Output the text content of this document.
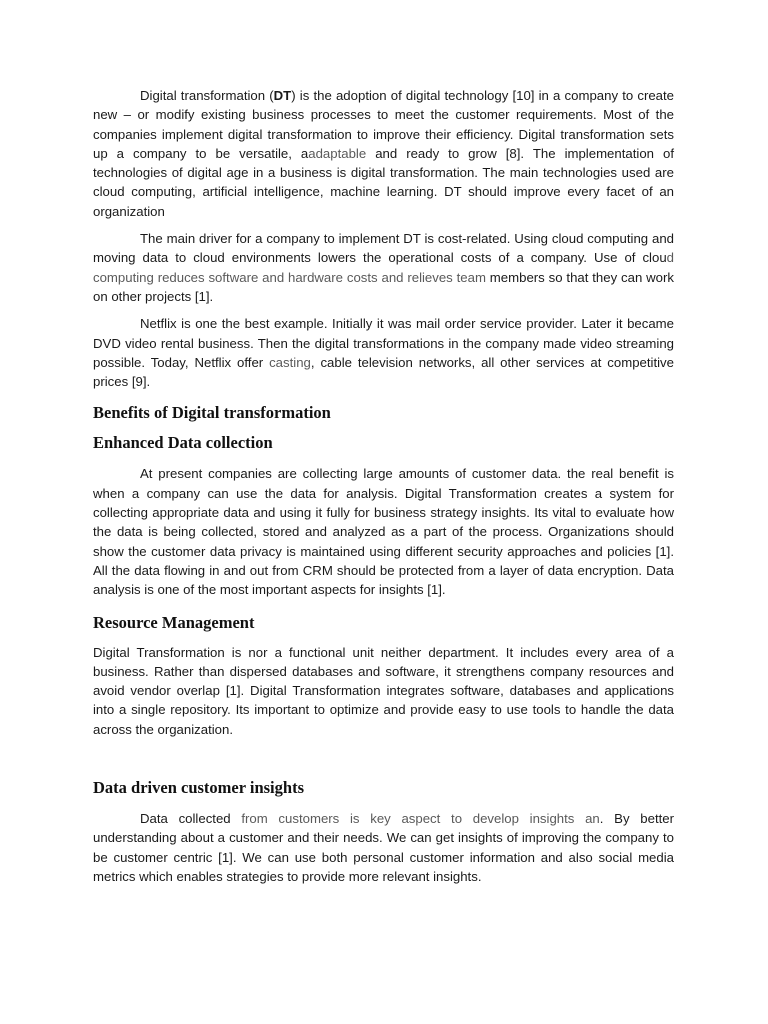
Digital transformation (DT) is the adoption of digital technology [10] in a company to create new – or modify existing business processes to meet the customer requirements. Most of the companies implement digital transformation to improve their efficiency. Digital transformation sets up a company to be versatile, aadaptable and ready to grow [8]. The implementation of technologies of digital age in a business is digital transformation. The main technologies used are cloud computing, artificial intelligence, machine learning. DT should improve every facet of an organization

The main driver for a company to implement DT is cost-related. Using cloud computing and moving data to cloud environments lowers the operational costs of a company. Use of cloud computing reduces software and hardware costs and relieves team members so that they can work on other projects [1].

Netflix is one the best example. Initially it was mail order service provider. Later it became DVD video rental business. Then the digital transformations in the company made video streaming possible. Today, Netflix offer casting, cable television networks, all other services at competitive prices [9].

Benefits of Digital transformation
Enhanced Data collection

At present companies are collecting large amounts of customer data. the real benefit is when a company can use the data for analysis. Digital Transformation creates a system for collecting appropriate data and using it fully for business strategy insights. Its vital to evaluate how the data is being collected, stored and analyzed as a part of the process. Organizations should show the customer data privacy is maintained using different security approaches and policies [1]. All the data flowing in and out from CRM should be protected from a layer of data encryption. Data analysis is one of the most important aspects for insights [1].

Resource Management

Digital Transformation is nor a functional unit neither department. It includes every area of a business. Rather than dispersed databases and software, it strengthens company resources and avoid vendor overlap [1]. Digital Transformation integrates software, databases and applications into a single repository. Its important to optimize and provide easy to use tools to handle the data across the organization.

Data driven customer insights

Data collected from customers is key aspect to develop insights an. By better understanding about a customer and their needs. We can get insights of improving the company to be customer centric [1]. We can use both personal customer information and also social media metrics which enables strategies to provide more relevant insights.
